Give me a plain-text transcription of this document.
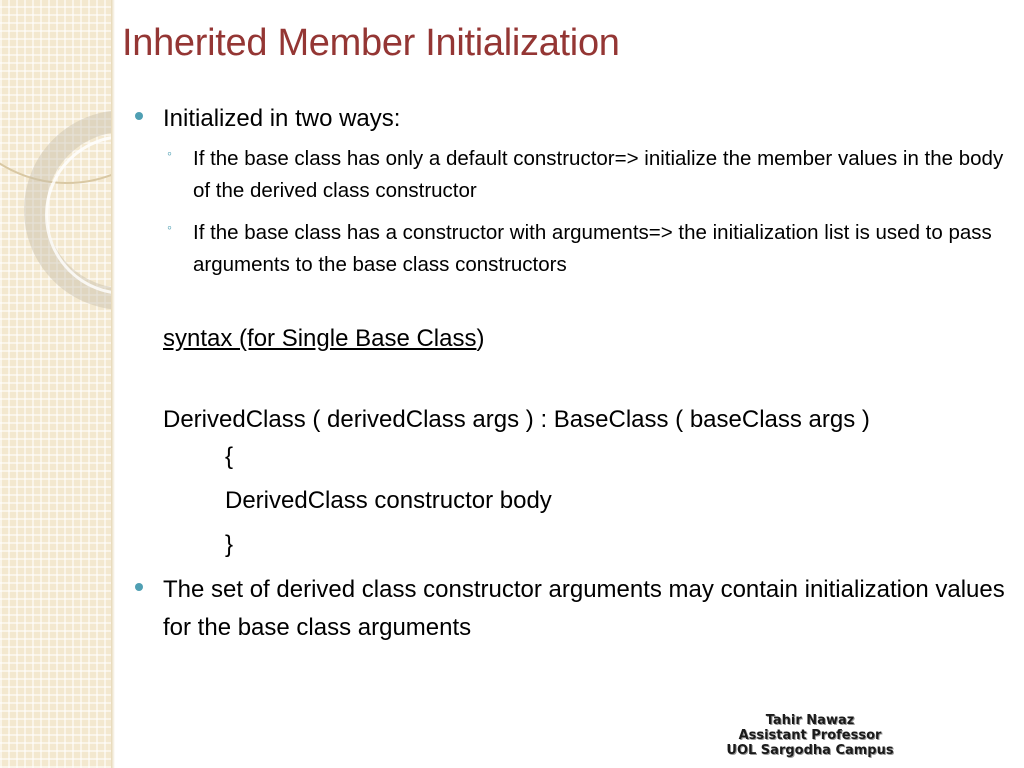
Inherited Member Initialization
Initialized in two ways:
◦ If the base class has only a default constructor=> initialize the member values in the body of the derived class constructor
◦ If the base class has a constructor with arguments=> the initialization list is used to pass arguments to the base class constructors
syntax (for Single Base Class)
DerivedClass ( derivedClass args ) : BaseClass ( baseClass args )
{
DerivedClass constructor body
}
The set of derived class constructor arguments may contain initialization values for the base class arguments
Tahir Nawaz
Assistant Professor
UOL Sargodha Campus
